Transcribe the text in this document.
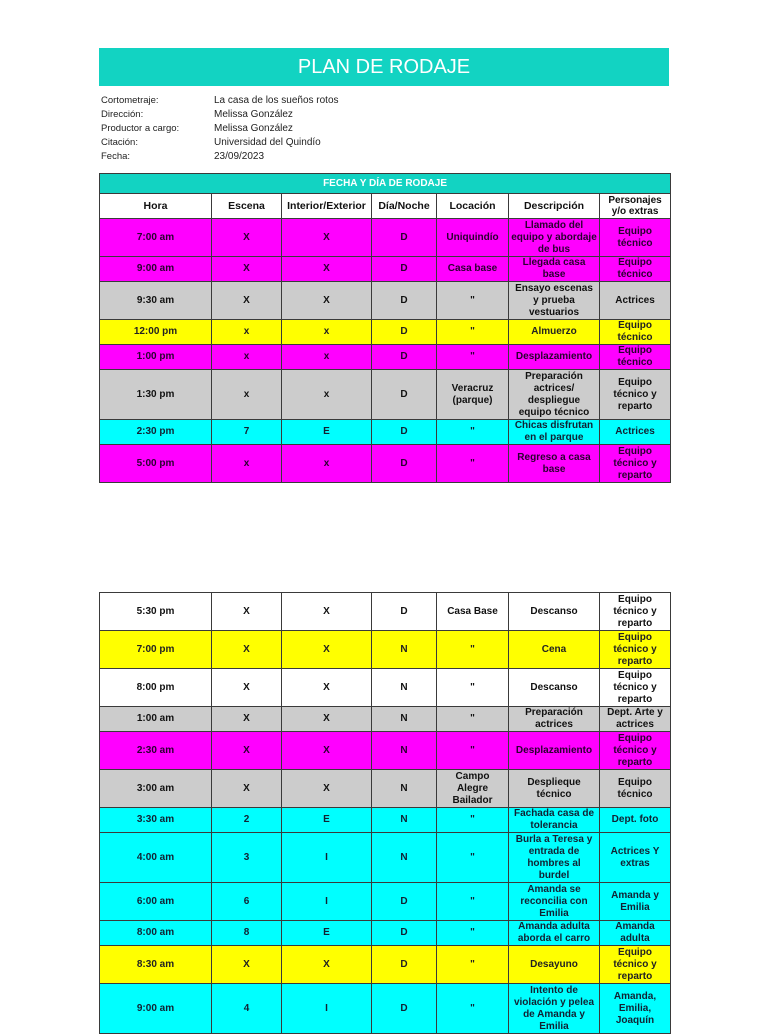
PLAN DE RODAJE
Cortometraje:	La casa de los sueños rotos
Dirección:	Melissa González
Productor a cargo:	Melissa González
Citación:	Universidad del Quindío
Fecha:	23/09/2023
FECHA Y DÍA DE RODAJE						
Hora	Escena	Interior/Exterior	Día/Noche	Locación	Descripción	Personajes y/o extras
7:00 am	X	X	D	Uniquindío	Llamado del equipo y abordaje de bus	Equipo técnico
9:00 am	X	X	D	Casa base	Llegada casa base	Equipo técnico
9:30 am	X	X	D	"	Ensayo escenas y prueba vestuarios	Actrices
12:00 pm	x	x	D	"	Almuerzo	Equipo técnico
1:00 pm	x	x	D	"	Desplazamiento	Equipo técnico
1:30 pm	x	x	D	Veracruz (parque)	Preparación actrices/ despliegue equipo técnico	Equipo técnico y reparto
2:30 pm	7	E	D	"	Chicas disfrutan en el parque	Actrices
5:00 pm	x	x	D	"	Regreso a casa base	Equipo técnico y reparto
5:30 pm	X	X	D	Casa Base	Descanso	Equipo técnico y reparto
7:00 pm	X	X	N	"	Cena	Equipo técnico y reparto
8:00 pm	X	X	N	"	Descanso	Equipo técnico y reparto
1:00 am	X	X	N	"	Preparación actrices	Dept. Arte y actrices
2:30 am	X	X	N	"	Desplazamiento	Equipo técnico y reparto
3:00 am	X	X	N	Campo Alegre Bailador	Desplieque técnico	Equipo técnico
3:30 am	2	E	N	"	Fachada casa de tolerancia	Dept. foto
4:00 am	3	I	N	"	Burla a Teresa y entrada de hombres al burdel	Actrices Y extras
6:00 am	6	I	D	"	Amanda se reconcilia con Emilia	Amanda y Emilia
8:00 am	8	E	D	"	Amanda adulta aborda el carro	Amanda adulta
8:30 am	X	X	D	"	Desayuno	Equipo técnico y reparto
9:00 am	4	I	D	"	Intento de violación y pelea de Amanda y Emilia	Amanda, Emilia, Joaquín
